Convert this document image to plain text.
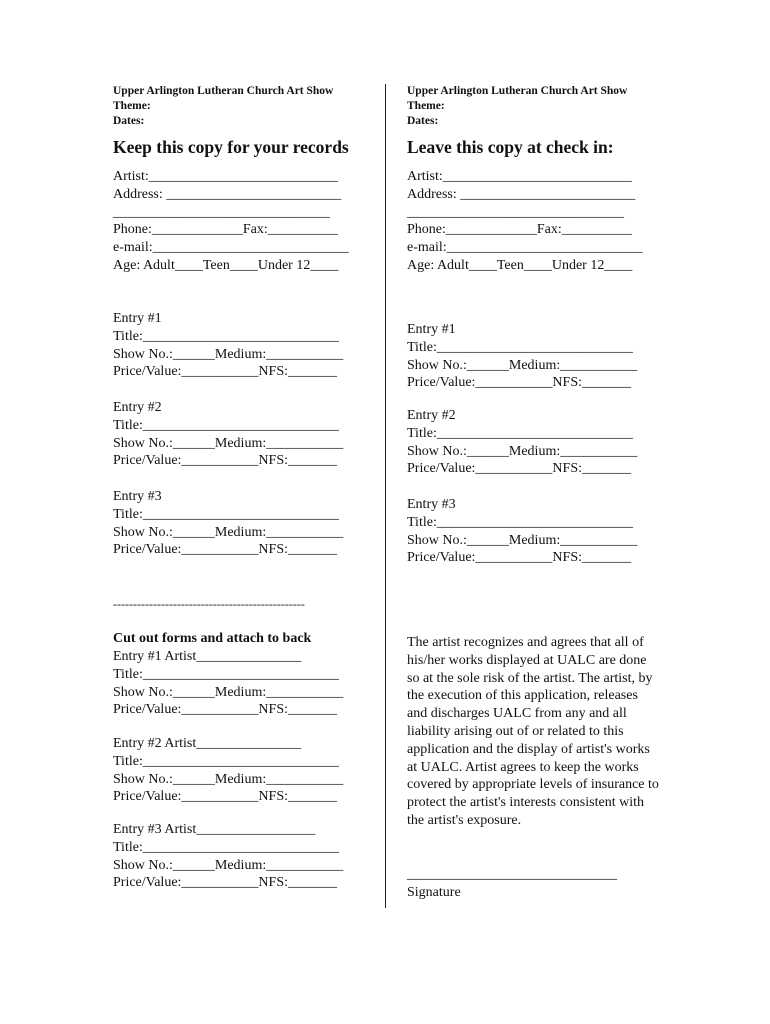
Upper Arlington Lutheran Church Art Show
Theme:
Dates:
Keep this copy for your records
Artist:___________________________
Address: _________________________
_______________________________
Phone:_____________Fax:__________
e-mail:____________________________
Age: Adult____Teen____Under 12____
Entry #1
Title:____________________________
Show No.:______Medium:___________
Price/Value:___________NFS:_______
Entry #2
Title:____________________________
Show No.:______Medium:___________
Price/Value:___________NFS:_______
Entry #3
Title:____________________________
Show No.:______Medium:___________
Price/Value:___________NFS:_______
------------------------------------------------
Cut out forms and attach to back
Entry #1 Artist_______________
Title:____________________________
Show No.:______Medium:___________
Price/Value:___________NFS:_______
Entry #2 Artist_______________
Title:____________________________
Show No.:______Medium:___________
Price/Value:___________NFS:_______
Entry #3 Artist_________________
Title:____________________________
Show No.:______Medium:___________
Price/Value:___________NFS:_______
Upper Arlington Lutheran Church Art Show
Theme:
Dates:
Leave this copy at check in:
Artist:___________________________
Address: _________________________
_______________________________
Phone:_____________Fax:__________
e-mail:____________________________
Age: Adult____Teen____Under 12____
Entry #1
Title:____________________________
Show No.:______Medium:___________
Price/Value:___________NFS:_______
Entry #2
Title:____________________________
Show No.:______Medium:___________
Price/Value:___________NFS:_______
Entry #3
Title:____________________________
Show No.:______Medium:___________
Price/Value:___________NFS:_______
The artist recognizes and agrees that all of his/her works displayed at UALC are done so at the sole risk of the artist. The artist, by the execution of this application, releases and discharges UALC from any and all liability arising out of or related to this application and the display of artist's works at UALC. Artist agrees to keep the works covered by appropriate levels of insurance to protect the artist's interests consistent with the artist's exposure.
______________________________
Signature
